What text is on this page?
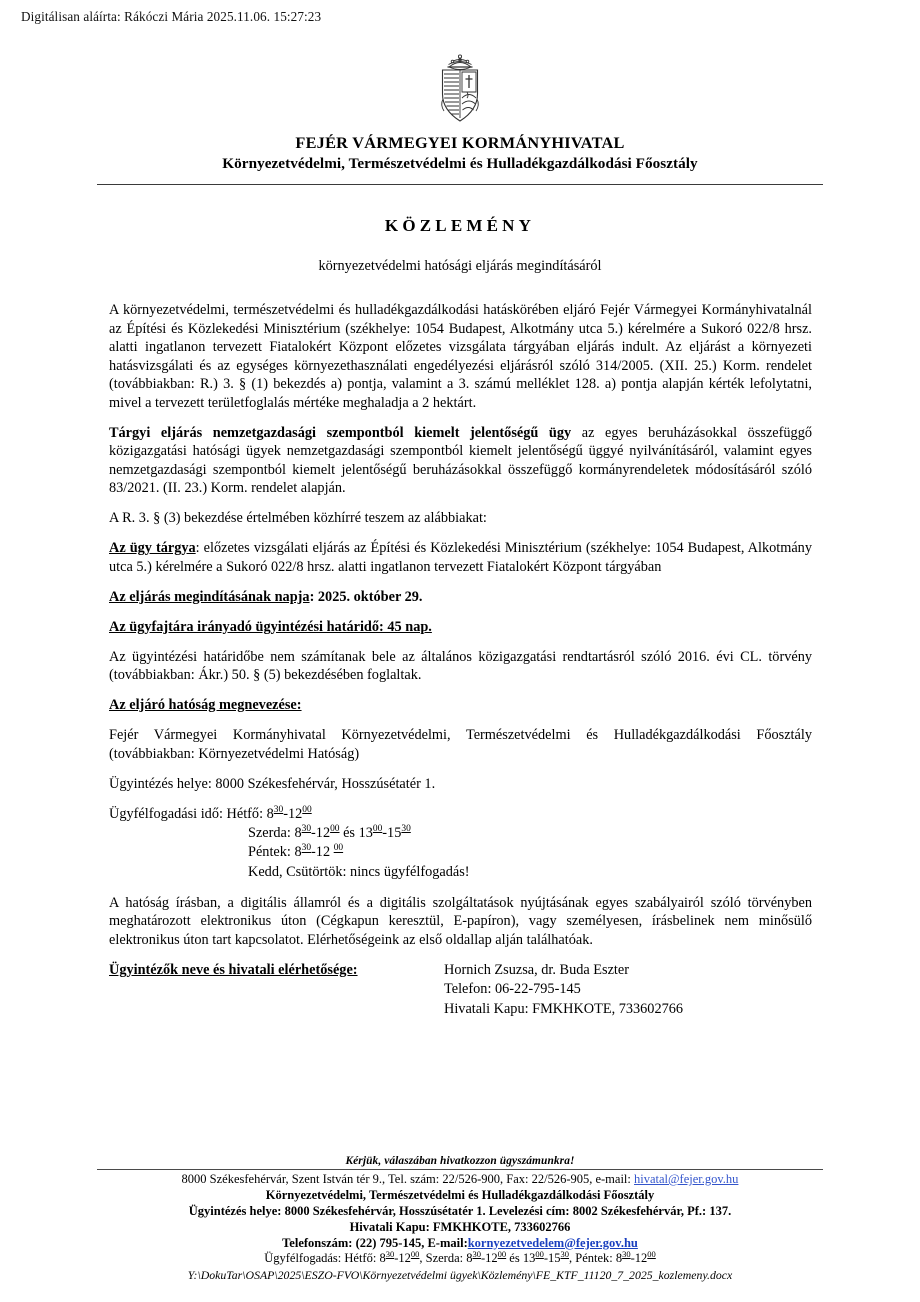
Digitálisan aláírta: Rákóczi Mária 2025.11.06. 15:27:23
FEJÉR VÁRMEGYEI KORMÁNYHIVATAL
Környezetvédelmi, Természetvédelmi és Hulladékgazdálkodási Főosztály
KÖZLEMÉNY
környezetvédelmi hatósági eljárás megindításáról

A környezetvédelmi, természetvédelmi és hulladékgazdálkodási hatáskörében eljáró Fejér Vármegyei Kormányhivatalnál az Építési és Közlekedési Minisztérium (székhelye: 1054 Budapest, Alkotmány utca 5.) kérelmére a Sukoró 022/8 hrsz. alatti ingatlanon tervezett Fiatalokért Központ előzetes vizsgálata tárgyában eljárás indult. Az eljárást a környezeti hatásvizsgálati és az egységes környezethasználati engedélyezési eljárásról szóló 314/2005. (XII. 25.) Korm. rendelet (továbbiakban: R.) 3. § (1) bekezdés a) pontja, valamint a 3. számú melléklet 128. a) pontja alapján kérték lefolytatni, mivel a tervezett területfoglalás mértéke meghaladja a 2 hektárt.

Tárgyi eljárás nemzetgazdasági szempontból kiemelt jelentőségű ügy az egyes beruházásokkal összefüggő közigazgatási hatósági ügyek nemzetgazdasági szempontból kiemelt jelentőségű üggyé nyilvánításáról, valamint egyes nemzetgazdasági szempontból kiemelt jelentőségű beruházásokkal összefüggő kormányrendeletek módosításáról szóló 83/2021. (II. 23.) Korm. rendelet alapján.

A R. 3. § (3) bekezdése értelmében közhírré teszem az alábbiakat:

Az ügy tárgya: előzetes vizsgálati eljárás az Építési és Közlekedési Minisztérium (székhelye: 1054 Budapest, Alkotmány utca 5.) kérelmére a Sukoró 022/8 hrsz. alatti ingatlanon tervezett Fiatalokért Központ tárgyában

Az eljárás megindításának napja: 2025. október 29.

Az ügyfajtára irányadó ügyintézési határidő: 45 nap.

Az ügyintézési határidőbe nem számítanak bele az általános közigazgatási rendtartásról szóló 2016. évi CL. törvény (továbbiakban: Ákr.) 50. § (5) bekezdésében foglaltak.

Az eljáró hatóság megnevezése:

Fejér Vármegyei Kormányhivatal Környezetvédelmi, Természetvédelmi és Hulladékgazdálkodási Főosztály (továbbiakban: Környezetvédelmi Hatóság)

Ügyintézés helye: 8000 Székesfehérvár, Hosszúsétatér 1.

Ügyfélfogadási idő: Hétfő: $8^{30}-12^{00}$
Szerda: $8^{30}-12^{00}$ és $13^{00}-15^{30}$
Péntek: $8^{30}-12$ $^{00}$
Kedd, Csütörtök: nincs ügyfélfogadás!

A hatóság írásban, a digitális államról és a digitális szolgáltatások nyújtásának egyes szabályairól szóló törvényben meghatározott elektronikus úton (Cégkapun keresztül, E-papíron), vagy személyesen, írásbelinek nem minősülő elektronikus úton tart kapcsolatot. Elérhetőségeink az első oldallap alján találhatóak.

Ügyintézők neve és hivatali elérhetősége:	Hornich Zsuzsa, dr. Buda Eszter
Telefon: 06-22-795-145
Hivatali Kapu: FMKHKOTE, 733602766
Kérjük, válaszában hivatkozzon ügyszámunkra!
8000 Székesfehérvár, Szent István tér 9., Tel. szám: 22/526-900, Fax: 22/526-905, e-mail: hivatal@fejer.gov.hu
Környezetvédelmi, Természetvédelmi és Hulladékgazdálkodási Főosztály
Ügyintézés helye: 8000 Székesfehérvár, Hosszúsétatér 1. Levelezési cím: 8002 Székesfehérvár, Pf.: 137.
Hivatali Kapu: FMKHKOTE, 733602766
Telefonszám: (22) 795-145, E-mail:kornyezetvedelem@fejer.gov.hu
Ügyfélfogadás: Hétfő: $8^{30}-12^{00}$, Szerda: $8^{30}-12^{00}$ és $13^{00}-15^{30}$, Péntek: $8^{30}-12^{00}$
Y:\DokuTar\OSAP\2025\ESZO-FVO\Környezetvédelmi ügyek\Közlemény\FE_KTF_11120_7_2025_kozlemeny.docx
